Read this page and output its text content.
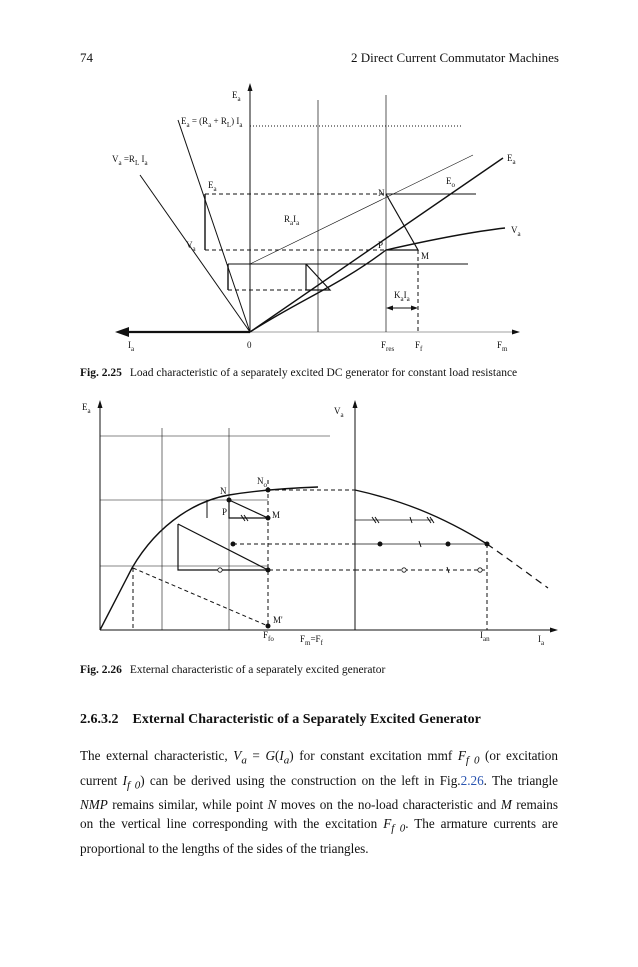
74	2 Direct Current Commutator Machines
$E_a$
$E_a = (R_a + R_L)$ $I_a$
$V_a =R_L$ $I_a$
$E_a$
$V_a$
$R_aI_a$
N
P
M
$E_o$
$E_a$
$V_a$
$K_aI_a$
$I_a$	0	$F_{res}$ $F_f$	$F_m$
Fig. 2.25 Load characteristic of a separately excited DC generator for constant load resistance
$E_a$	$V_a$
$N_o$
N
P	M
M'
$F_{fo}$	$F_m=F_f$
$I_{an}$	$I_a$
Fig. 2.26 External characteristic of a separately excited generator
2.6.3.2 External Characteristic of a Separately Excited Generator
The external characteristic, $V_a = G(I_a)$ for constant excitation mmf $F_{f 0}$ (or excitation current $I_{f 0}$) can be derived using the construction on the left in Fig.2.26. The triangle NMP remains similar, while point N moves on the no-load characteristic and M remains on the vertical line corresponding with the excitation $F_{f 0}$. The armature currents are proportional to the lengths of the sides of the triangles.
